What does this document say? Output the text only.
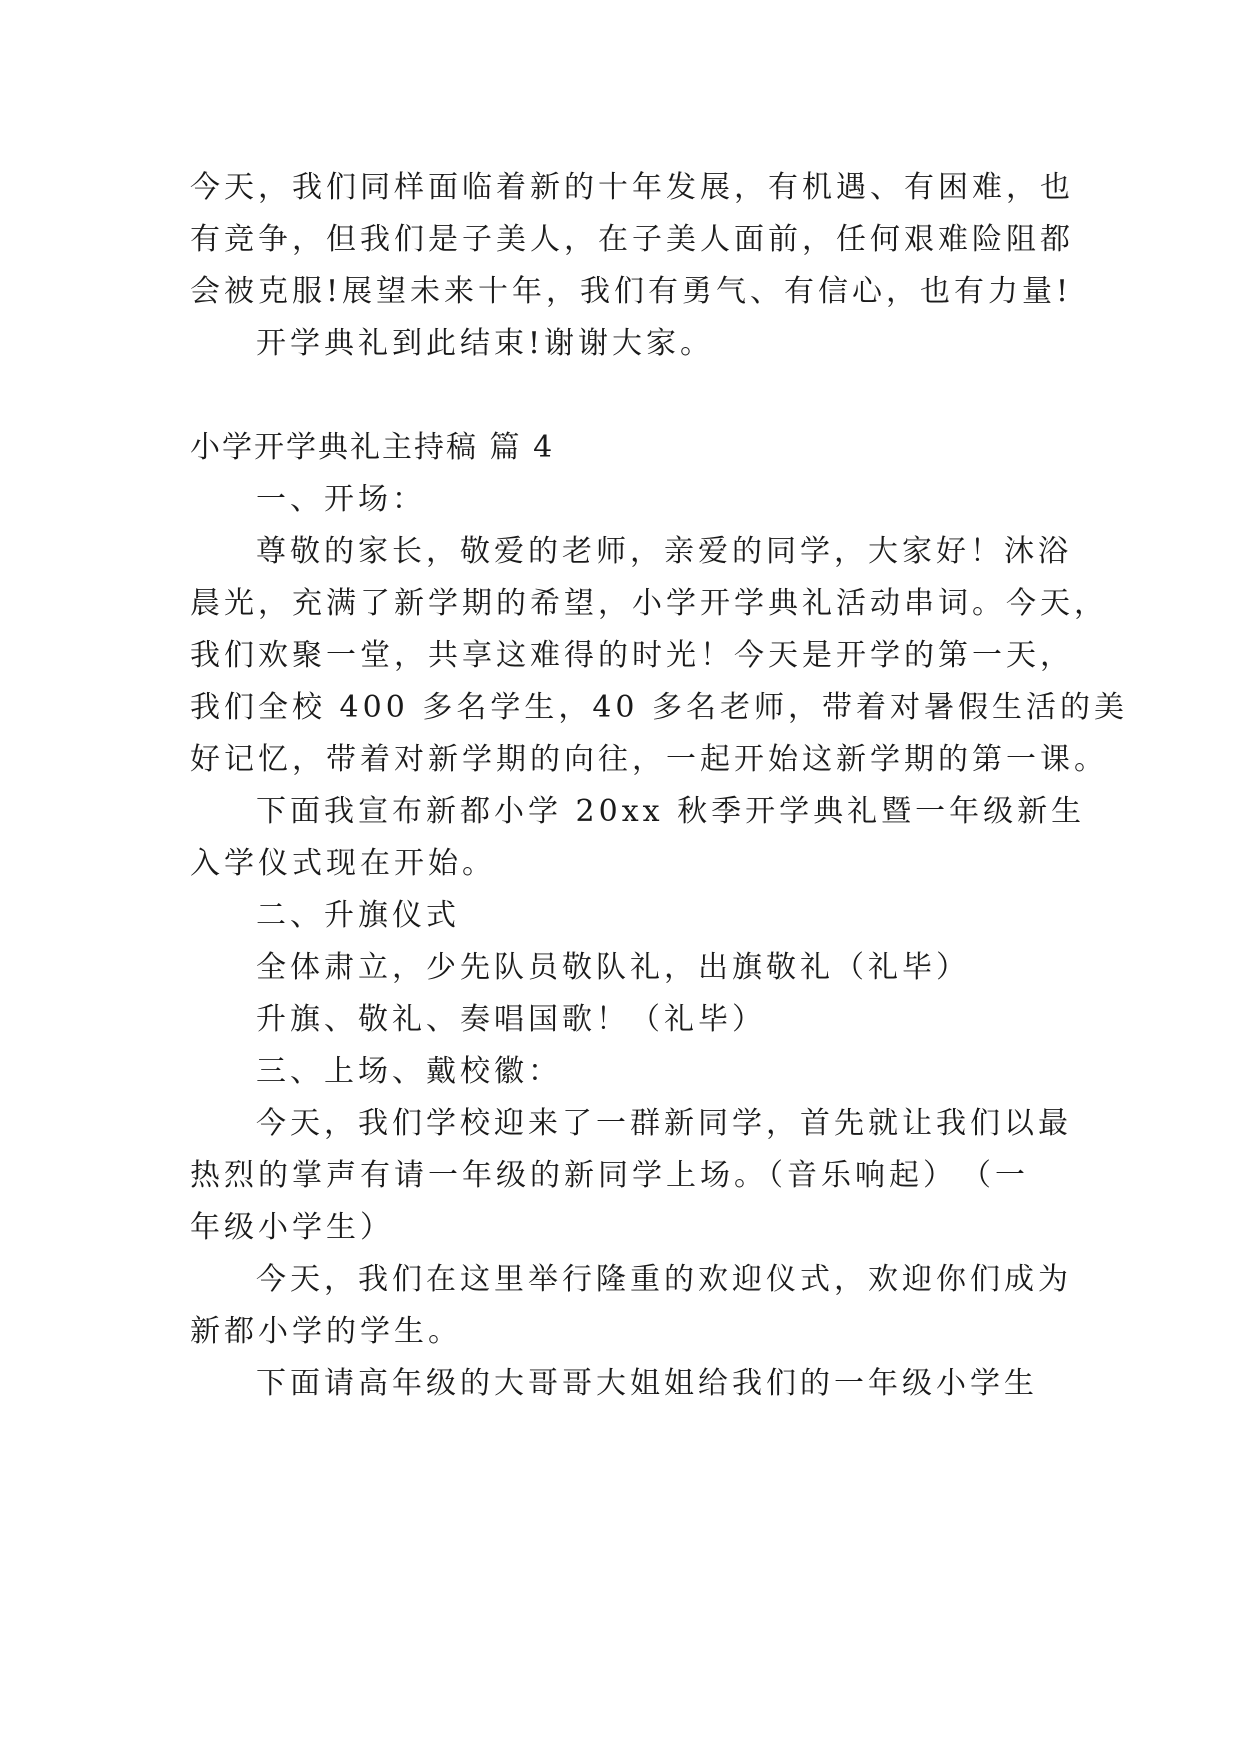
今天，我们同样面临着新的十年发展，有机遇、有困难，也
有竞争，但我们是子美人，在子美人面前，任何艰难险阻都
会被克服!展望未来十年，我们有勇气、有信心，也有力量!
开学典礼到此结束!谢谢大家。
小学开学典礼主持稿 篇 4
一、开场：
尊敬的家长，敬爱的老师，亲爱的同学，大家好！沐浴
晨光，充满了新学期的希望，小学开学典礼活动串词。今天，
我们欢聚一堂，共享这难得的时光！今天是开学的第一天，
我们全校 400 多名学生，40 多名老师，带着对暑假生活的美
好记忆，带着对新学期的向往，一起开始这新学期的第一课。
下面我宣布新都小学 20xx 秋季开学典礼暨一年级新生
入学仪式现在开始。
二、升旗仪式
全体肃立，少先队员敬队礼，出旗敬礼（礼毕）
升旗、敬礼、奏唱国歌！（礼毕）
三、上场、戴校徽：
今天，我们学校迎来了一群新同学，首先就让我们以最
热烈的掌声有请一年级的新同学上场。（音乐响起）　（一
年级小学生）
今天，我们在这里举行隆重的欢迎仪式，欢迎你们成为
新都小学的学生。
下面请高年级的大哥哥大姐姐给我们的一年级小学生
